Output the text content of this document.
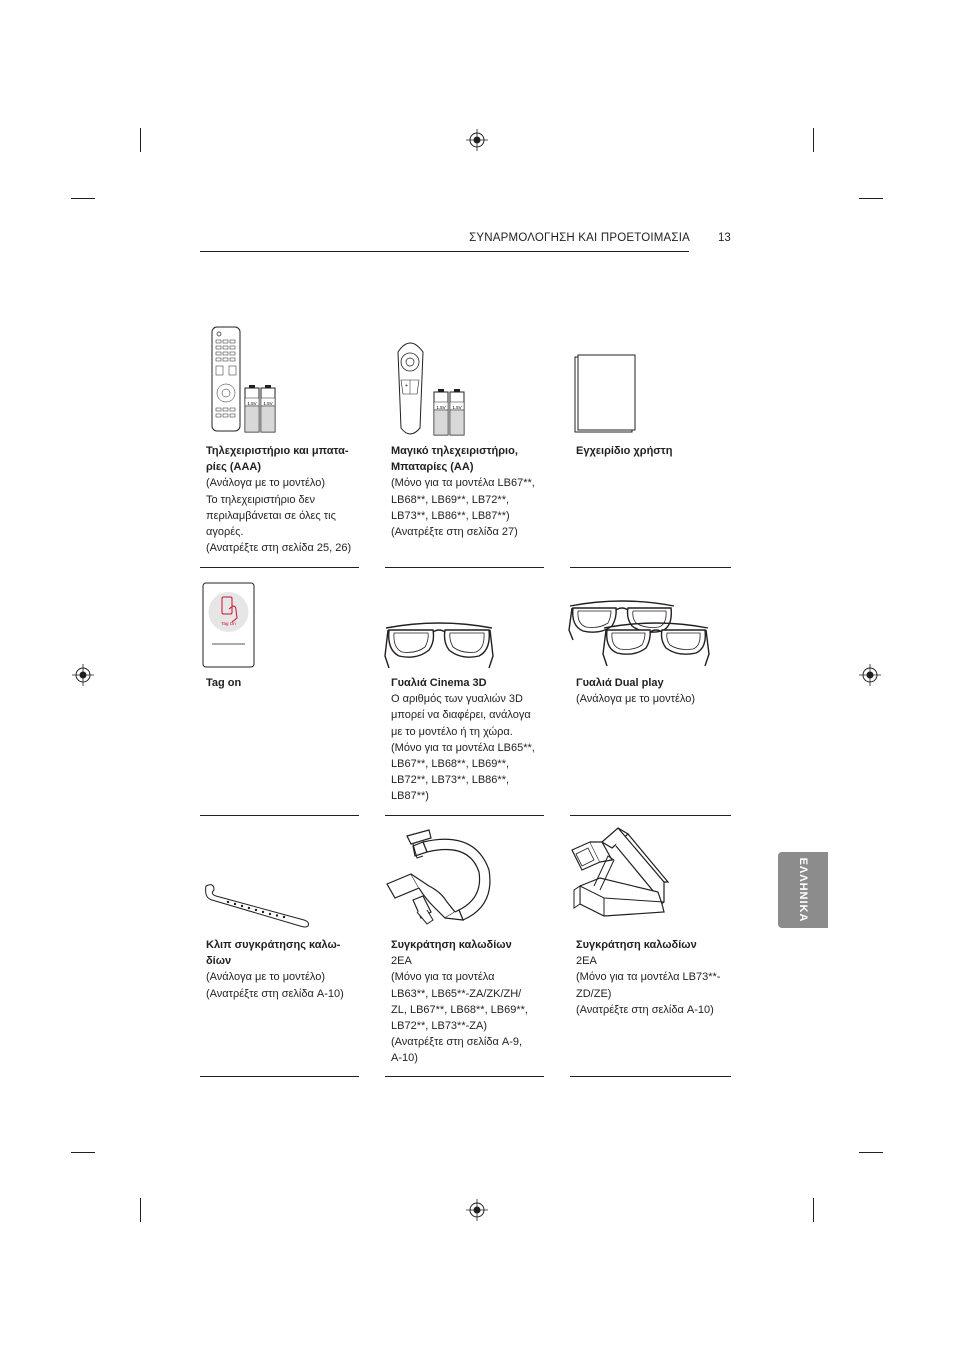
ΣΥΝΑΡΜΟΛΟΓΗΣΗ ΚΑΙ ΠΡΟΕΤΟΙΜΑΣΙΑ 13
ΕΛΛΗΝΙΚΑ
1.5V 1.5V
Τηλεχειριστήριο και μπατα-
ρίες (AAA)
(Ανάλογα με το μοντέλο)
Το τηλεχειριστήριο δεν
περιλαμβάνεται σε όλες τις
αγορές.
(Ανατρέξτε στη σελίδα 25, 26)
+
1.5V 1.5V
Μαγικό τηλεχειριστήριο,
Μπαταρίες (AA)
(Μόνο για τα μοντέλα LB67**,
LB68**, LB69**, LB72**,
LB73**, LB86**, LB87**)
(Ανατρέξτε στη σελίδα 27)
Εγχειρίδιο χρήστη
Tag On
Tag on	Γυαλιά Cinema 3D
Ο αριθμός των γυαλιών 3D
μπορεί να διαφέρει, ανάλογα
με το μοντέλο ή τη χώρα.
(Μόνο για τα μοντέλα LB65**,
LB67**, LB68**, LB69**,
LB72**, LB73**, LB86**,
LB87**)
Γυαλιά Dual play
(Ανάλογα με το μοντέλο)
Κλιπ συγκράτησης καλω-
δίων
(Ανάλογα με το μοντέλο)
(Ανατρέξτε στη σελίδα A-10)
Συγκράτηση καλωδίων
2EA
(Μόνο για τα μοντέλα
LB63**, LB65**-ZA/ZK/ZH/
ZL, LB67**, LB68**, LB69**,
LB72**, LB73**-ZA)
(Ανατρέξτε στη σελίδα A-9,
A-10)
Συγκράτηση καλωδίων
2EA
(Μόνο για τα μοντέλα LB73**-
ZD/ZE)
(Ανατρέξτε στη σελίδα A-10)
